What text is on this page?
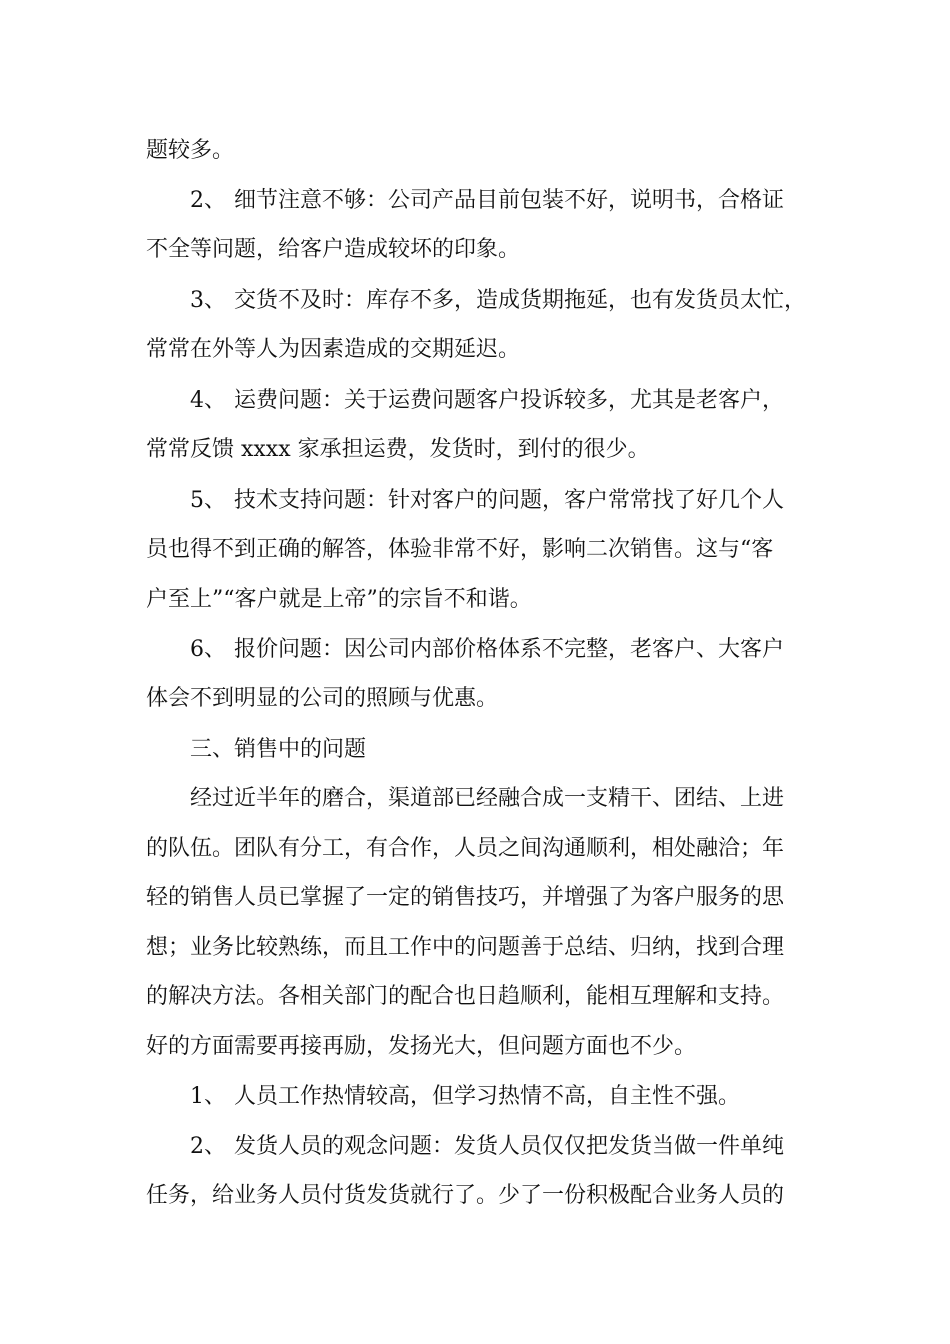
题较多。
2、 细节注意不够：公司产品目前包装不好，说明书，合格证
不全等问题，给客户造成较坏的印象。
3、 交货不及时：库存不多，造成货期拖延，也有发货员太忙，
常常在外等人为因素造成的交期延迟。
4、 运费问题：关于运费问题客户投诉较多，尤其是老客户，
常常反馈 xxxx 家承担运费，发货时，到付的很少。
5、 技术支持问题：针对客户的问题，客户常常找了好几个人
员也得不到正确的解答，体验非常不好，影响二次销售。这与“客
户至上”“客户就是上帝”的宗旨不和谐。
6、 报价问题：因公司内部价格体系不完整，老客户、大客户
体会不到明显的公司的照顾与优惠。
三、销售中的问题
经过近半年的磨合，渠道部已经融合成一支精干、团结、上进
的队伍。团队有分工，有合作，人员之间沟通顺利，相处融洽；年
轻的销售人员已掌握了一定的销售技巧，并增强了为客户服务的思
想；业务比较熟练，而且工作中的问题善于总结、归纳，找到合理
的解决方法。各相关部门的配合也日趋顺利，能相互理解和支持。
好的方面需要再接再励，发扬光大，但问题方面也不少。
1、 人员工作热情较高，但学习热情不高，自主性不强。
2、 发货人员的观念问题：发货人员仅仅把发货当做一件单纯
任务，给业务人员付货发货就行了。少了一份积极配合业务人员的
